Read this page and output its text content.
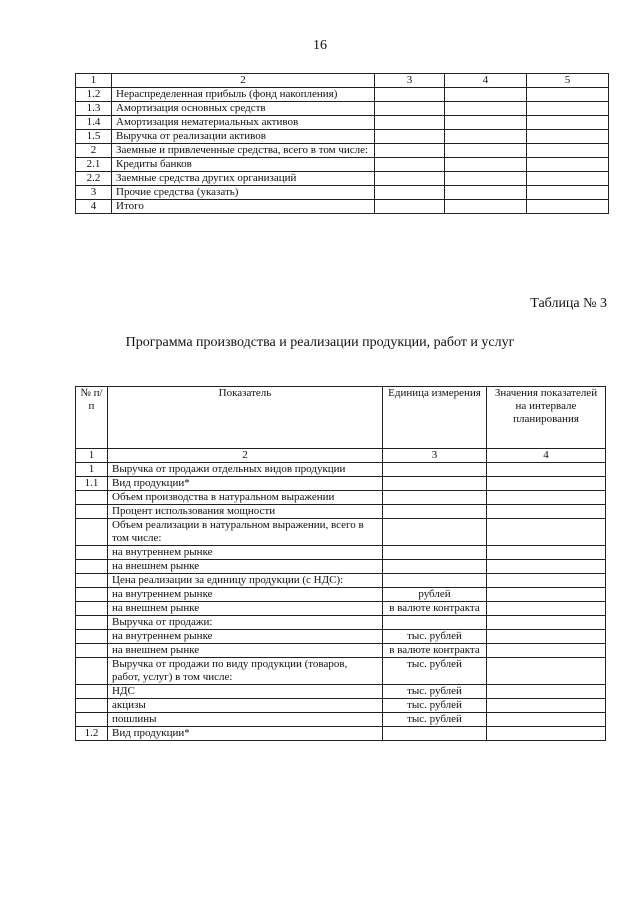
16
1	2	3	4	5
1.2	Нераспределенная прибыль (фонд накопления)			
1.3	Амортизация основных средств			
1.4	Амортизация нематериальных активов			
1.5	Выручка от реализации активов			
2	Заемные и привлеченные средства, всего в том числе:			
2.1	Кредиты банков			
2.2	Заемные средства других организаций			
3	Прочие средства (указать)			
4	Итого			
Таблица № 3
Программа производства и реализации продукции, работ и услуг
№ п/п	Показатель	Единица измерения	Значения показателей на интервале планирования
1	2	3	4
1	Выручка от продажи отдельных видов продукции		
1.1	Вид продукции*		
	Объем производства в натуральном выражении		
	Процент использования мощности		
	Объем реализации в натуральном выражении, всего в том числе:		
	на внутреннем рынке		
	на внешнем рынке		
	Цена реализации за единицу продукции (с НДС):		
	на внутреннем рынке	рублей	
	на внешнем рынке	в валюте контракта	
	Выручка от продажи:		
	на внутреннем рынке	тыс. рублей	
	на внешнем рынке	в валюте контракта	
	Выручка от продажи по виду продукции (товаров, работ, услуг) в том числе:	тыс. рублей	
	НДС	тыс. рублей	
	акцизы	тыс. рублей	
	пошлины	тыс. рублей	
1.2	Вид продукции*		
